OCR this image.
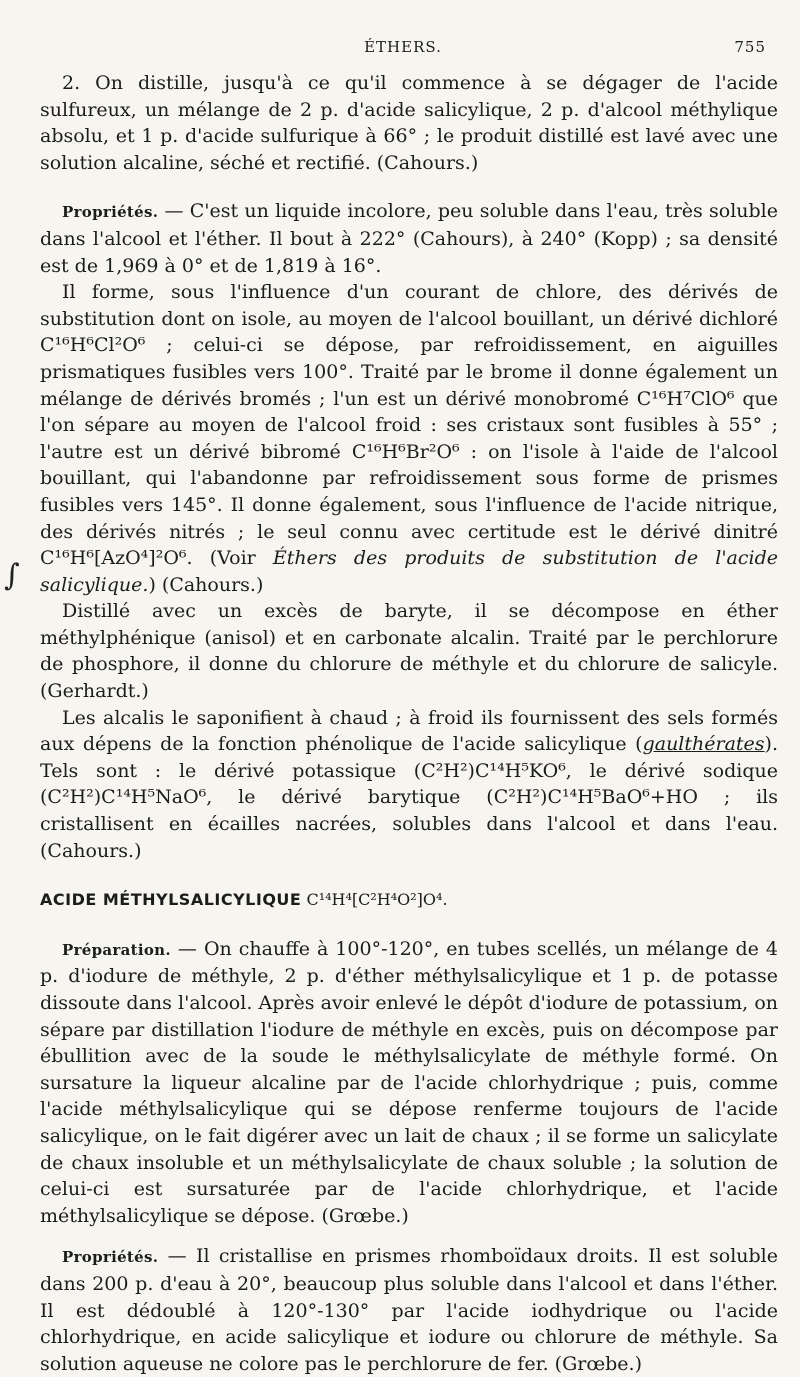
ÉTHERS.	755
∫

2. On distille, jusqu'à ce qu'il commence à se dégager de l'acide sulfureux, un mélange de 2 p. d'acide salicylique, 2 p. d'alcool méthylique absolu, et 1 p. d'acide sulfurique à 66° ; le produit distillé est lavé avec une solution alcaline, séché et rectifié. (Cahours.)

Propriétés. — C'est un liquide incolore, peu soluble dans l'eau, très soluble dans l'alcool et l'éther. Il bout à 222° (Cahours), à 240° (Kopp) ; sa densité est de 1,969 à 0° et de 1,819 à 16°.

Il forme, sous l'influence d'un courant de chlore, des dérivés de substitution dont on isole, au moyen de l'alcool bouillant, un dérivé dichloré C¹⁶H⁶Cl²O⁶ ; celui-ci se dépose, par refroidissement, en aiguilles prismatiques fusibles vers 100°. Traité par le brome il donne également un mélange de dérivés bromés ; l'un est un dérivé monobromé C¹⁶H⁷ClO⁶ que l'on sépare au moyen de l'alcool froid : ses cristaux sont fusibles à 55° ; l'autre est un dérivé bibromé C¹⁶H⁶Br²O⁶ : on l'isole à l'aide de l'alcool bouillant, qui l'abandonne par refroidissement sous forme de prismes fusibles vers 145°. Il donne également, sous l'influence de l'acide nitrique, des dérivés nitrés ; le seul connu avec certitude est le dérivé dinitré C¹⁶H⁶[AzO⁴]²O⁶. (Voir Éthers des produits de substitution de l'acide salicylique.) (Cahours.)

Distillé avec un excès de baryte, il se décompose en éther méthylphénique (anisol) et en carbonate alcalin. Traité par le perchlorure de phosphore, il donne du chlorure de méthyle et du chlorure de salicyle. (Gerhardt.)

Les alcalis le saponifient à chaud ; à froid ils fournissent des sels formés aux dépens de la fonction phénolique de l'acide salicylique (gaulthérates). Tels sont : le dérivé potassique (C²H²)C¹⁴H⁵KO⁶, le dérivé sodique (C²H²)C¹⁴H⁵NaO⁶, le dérivé barytique (C²H²)C¹⁴H⁵BaO⁶+HO ; ils cristallisent en écailles nacrées, solubles dans l'alcool et dans l'eau. (Cahours.)

ACIDE MÉTHYLSALICYLIQUE C¹⁴H⁴[C²H⁴O²]O⁴.

Préparation. — On chauffe à 100°-120°, en tubes scellés, un mélange de 4 p. d'iodure de méthyle, 2 p. d'éther méthylsalicylique et 1 p. de potasse dissoute dans l'alcool. Après avoir enlevé le dépôt d'iodure de potassium, on sépare par distillation l'iodure de méthyle en excès, puis on décompose par ébullition avec de la soude le méthylsalicylate de méthyle formé. On sursature la liqueur alcaline par de l'acide chlorhydrique ; puis, comme l'acide méthylsalicylique qui se dépose renferme toujours de l'acide salicylique, on le fait digérer avec un lait de chaux ; il se forme un salicylate de chaux insoluble et un méthylsalicylate de chaux soluble ; la solution de celui-ci est sursaturée par de l'acide chlorhydrique, et l'acide méthylsalicylique se dépose. (Grœbe.)

Propriétés. — Il cristallise en prismes rhomboïdaux droits. Il est soluble dans 200 p. d'eau à 20°, beaucoup plus soluble dans l'alcool et dans l'éther. Il est dédoublé à 120°-130° par l'acide iodhydrique ou l'acide chlorhydrique, en acide salicylique et iodure ou chlorure de méthyle. Sa solution aqueuse ne colore pas le perchlorure de fer. (Grœbe.)
